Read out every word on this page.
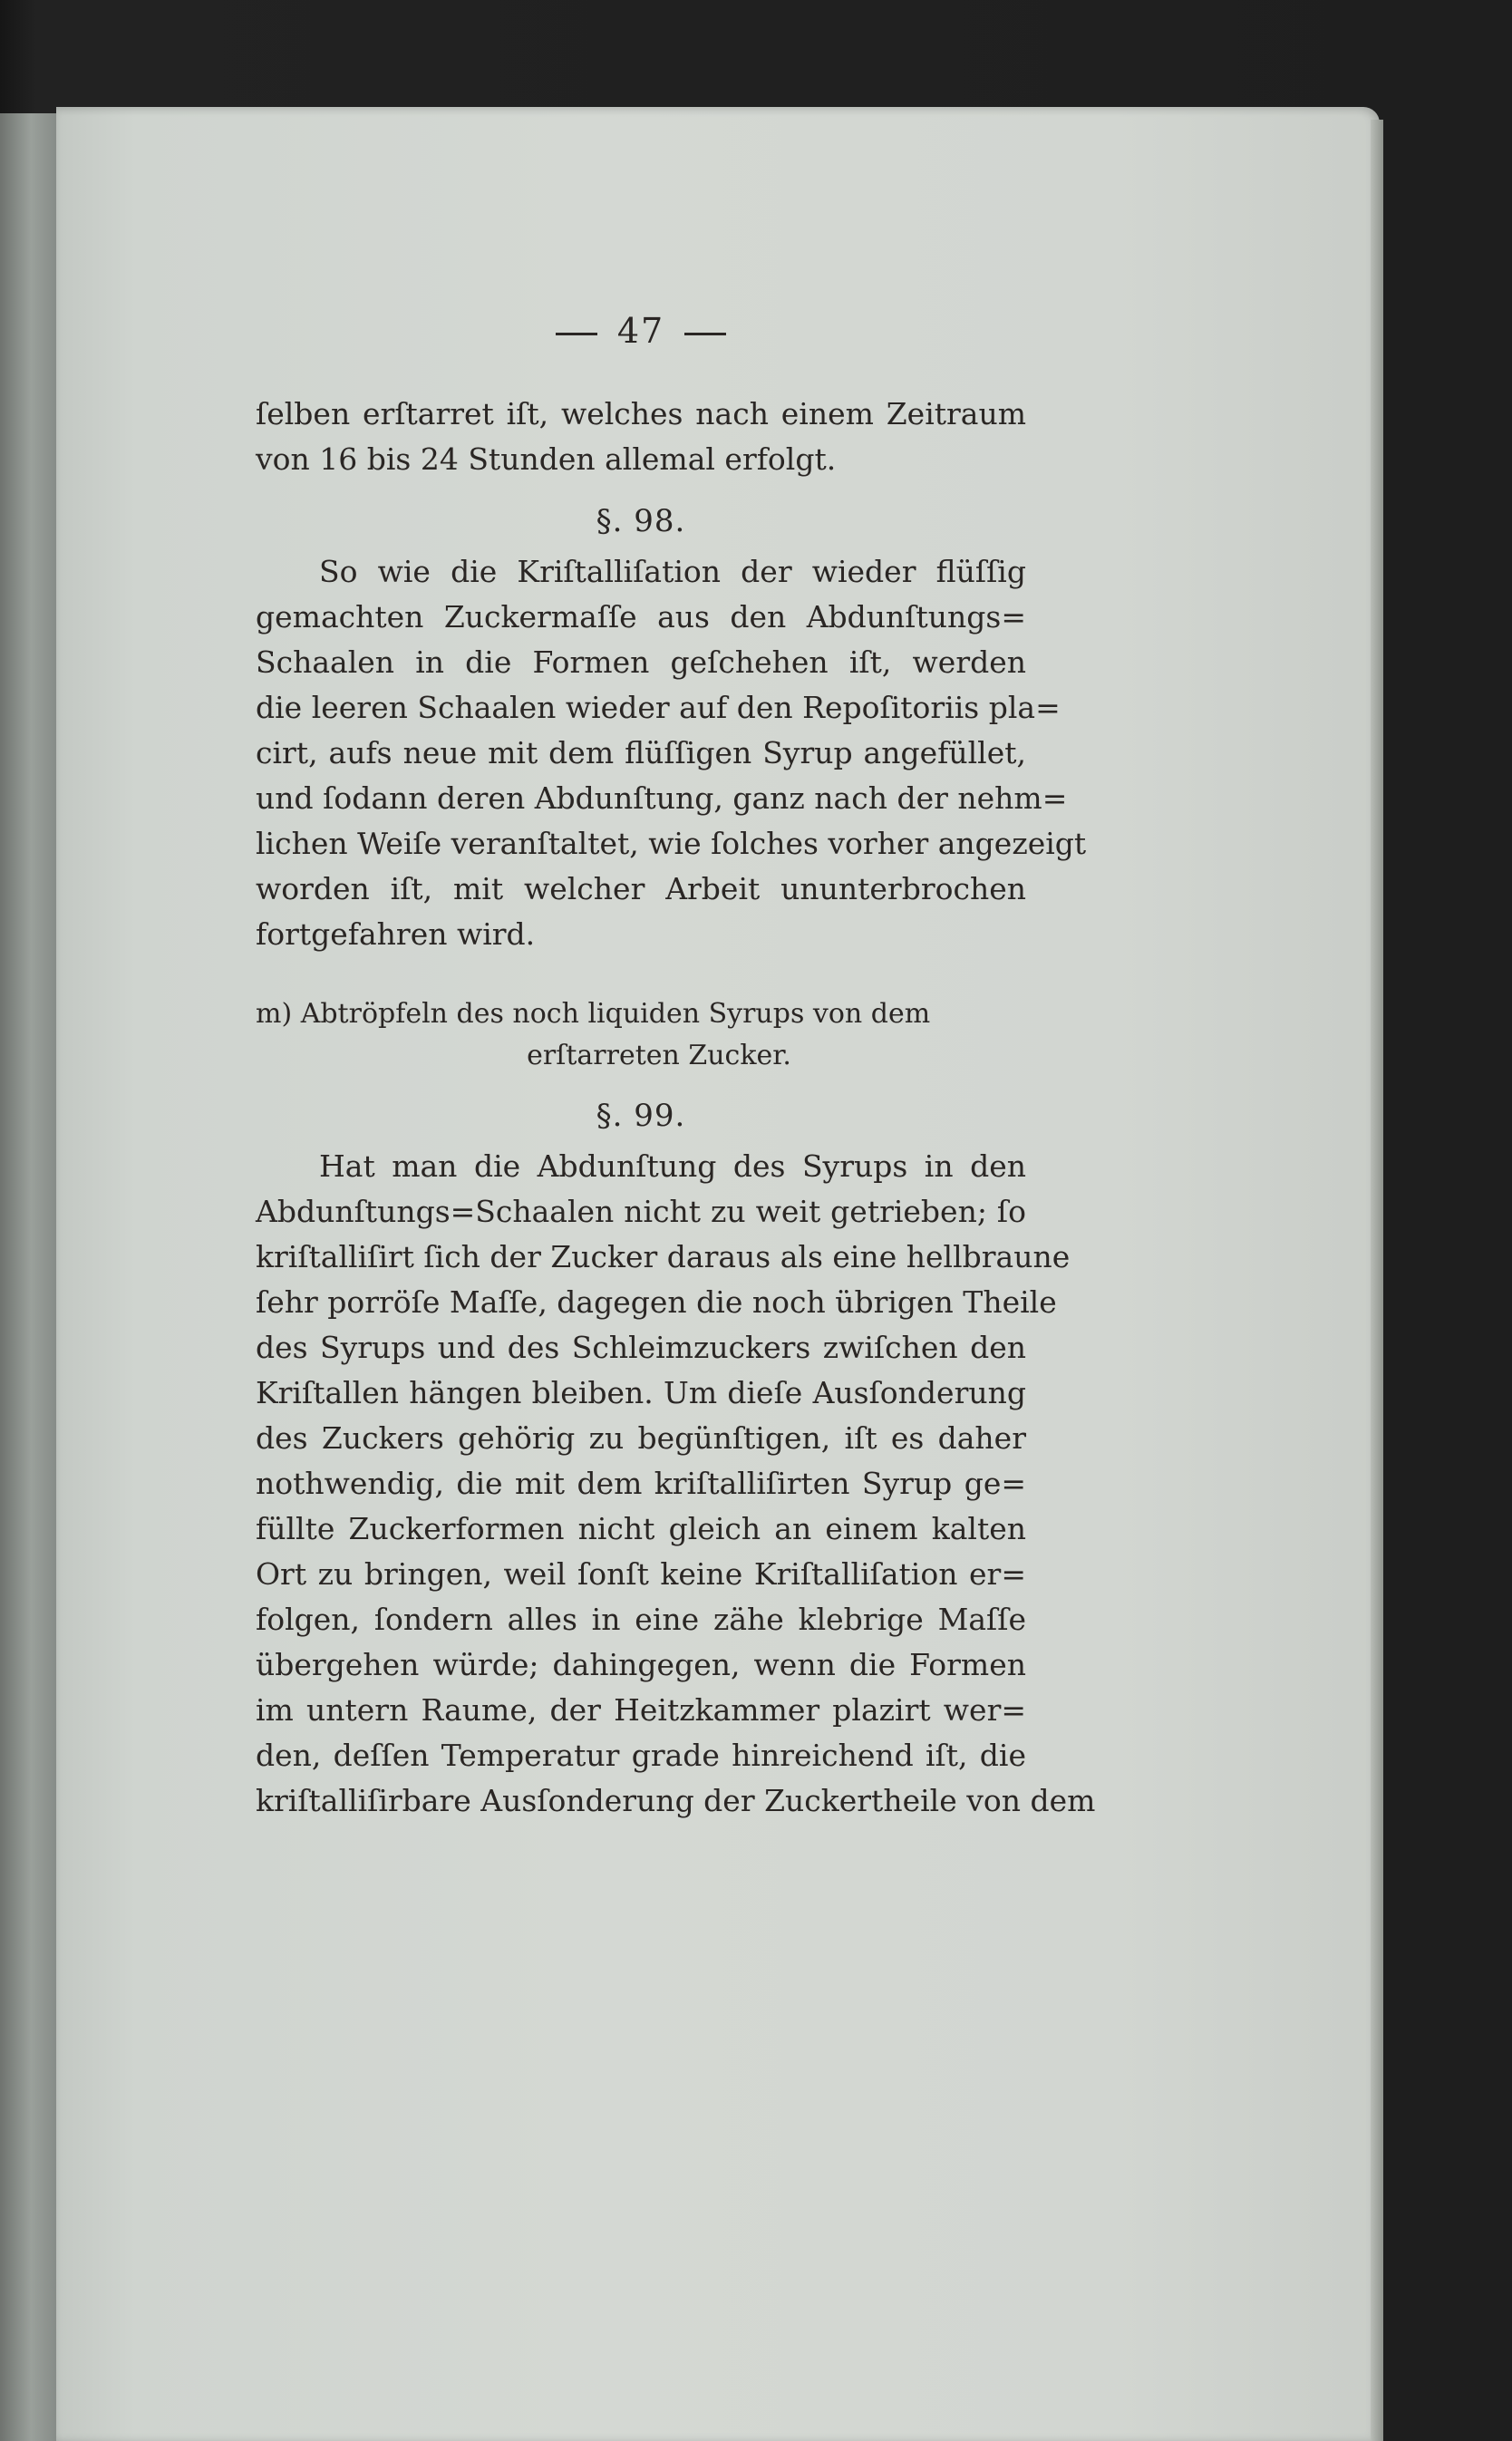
47
ſelben erſtarret iſt, welches nach einem Zeitraum
von 16 bis 24 Stunden allemal erfolgt.
§. 98.
So wie die Kriſtalliſation der wieder flüſſig
gemachten Zuckermaſſe aus den Abdunſtungs=
Schaalen in die Formen geſchehen iſt, werden
die leeren Schaalen wieder auf den Repoſitoriis pla=
cirt, aufs neue mit dem flüſſigen Syrup angefüllet,
und ſodann deren Abdunſtung, ganz nach der nehm=
lichen Weiſe veranſtaltet, wie ſolches vorher angezeigt
worden iſt, mit welcher Arbeit ununterbrochen
fortgefahren wird.
m) Abtröpfeln des noch liquiden Syrups von dem
erſtarreten Zucker.
§. 99.
Hat man die Abdunſtung des Syrups in den
Abdunſtungs=Schaalen nicht zu weit getrieben; ſo
kriſtalliſirt ſich der Zucker daraus als eine hellbraune
ſehr porröſe Maſſe, dagegen die noch übrigen Theile
des Syrups und des Schleimzuckers zwiſchen den
Kriſtallen hängen bleiben. Um dieſe Ausſonderung
des Zuckers gehörig zu begünſtigen, iſt es daher
nothwendig, die mit dem kriſtalliſirten Syrup ge=
füllte Zuckerformen nicht gleich an einem kalten
Ort zu bringen, weil ſonſt keine Kriſtalliſation er=
folgen, ſondern alles in eine zähe klebrige Maſſe
übergehen würde; dahingegen, wenn die Formen
im untern Raume, der Heitzkammer plazirt wer=
den, deſſen Temperatur grade hinreichend iſt, die
kriſtalliſirbare Ausſonderung der Zuckertheile von dem
